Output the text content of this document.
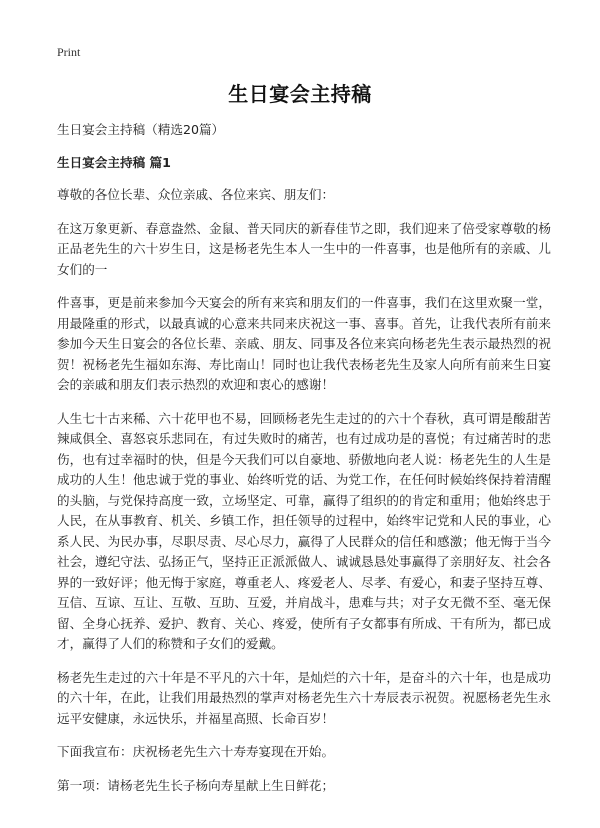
Print
生日宴会主持稿

生日宴会主持稿（精选20篇）

生日宴会主持稿 篇1

尊敬的各位长辈、众位亲戚、各位来宾、朋友们：

在这万象更新、春意盎然、金鼠、普天同庆的新春佳节之即，我们迎来了倍受家尊敬的杨正品老先生的六十岁生日，这是杨老先生本人一生中的一件喜事，也是他所有的亲戚、儿女们的一

件喜事，更是前来参加今天宴会的所有来宾和朋友们的一件喜事，我们在这里欢聚一堂，用最隆重的形式，以最真诚的心意来共同来庆祝这一事、喜事。首先，让我代表所有前来参加今天生日宴会的各位长辈、亲戚、朋友、同事及各位来宾向杨老先生表示最热烈的祝贺！祝杨老先生福如东海、寿比南山！同时也让我代表杨老先生及家人向所有前来生日宴会的亲戚和朋友们表示热烈的欢迎和衷心的感谢！

人生七十古来稀、六十花甲也不易，回顾杨老先生走过的的六十个春秋，真可谓是酸甜苦辣咸俱全、喜怒哀乐悲同在，有过失败时的痛苦，也有过成功是的喜悦；有过痛苦时的悲伤，也有过幸福时的快，但是今天我们可以自豪地、骄傲地向老人说：杨老先生的人生是成功的人生！他忠诚于党的事业、始终听党的话、为党工作，在任何时候始终保持着清醒的头脑，与党保持高度一致，立场坚定、可靠，赢得了组织的的肯定和重用；他始终忠于人民，在从事教育、机关、乡镇工作，担任领导的过程中，始终牢记党和人民的事业，心系人民、为民办事，尽职尽责、尽心尽力，赢得了人民群众的信任和感激；他无悔于当今社会，遵纪守法、弘扬正气，坚持正正派派做人、诚诚恳恳处事赢得了亲朋好友、社会各界的一致好评；他无悔于家庭，尊重老人、疼爱老人、尽孝、有爱心，和妻子坚持互尊、互信、互谅、互让、互敬、互助、互爱，并肩战斗，患难与共；对子女无微不至、毫无保留、全身心抚养、爱护、教育、关心、疼爱，使所有子女都事有所成、干有所为，都已成才，赢得了人们的称赞和子女们的爱戴。

杨老先生走过的六十年是不平凡的六十年，是灿烂的六十年，是奋斗的六十年，也是成功的六十年，在此，让我们用最热烈的掌声对杨老先生六十寿辰表示祝贺。祝愿杨老先生永远平安健康，永远快乐，并福星高照、长命百岁！

下面我宣布：庆祝杨老先生六十寿寿宴现在开始。

第一项：请杨老先生长子杨向寿星献上生日鲜花；
